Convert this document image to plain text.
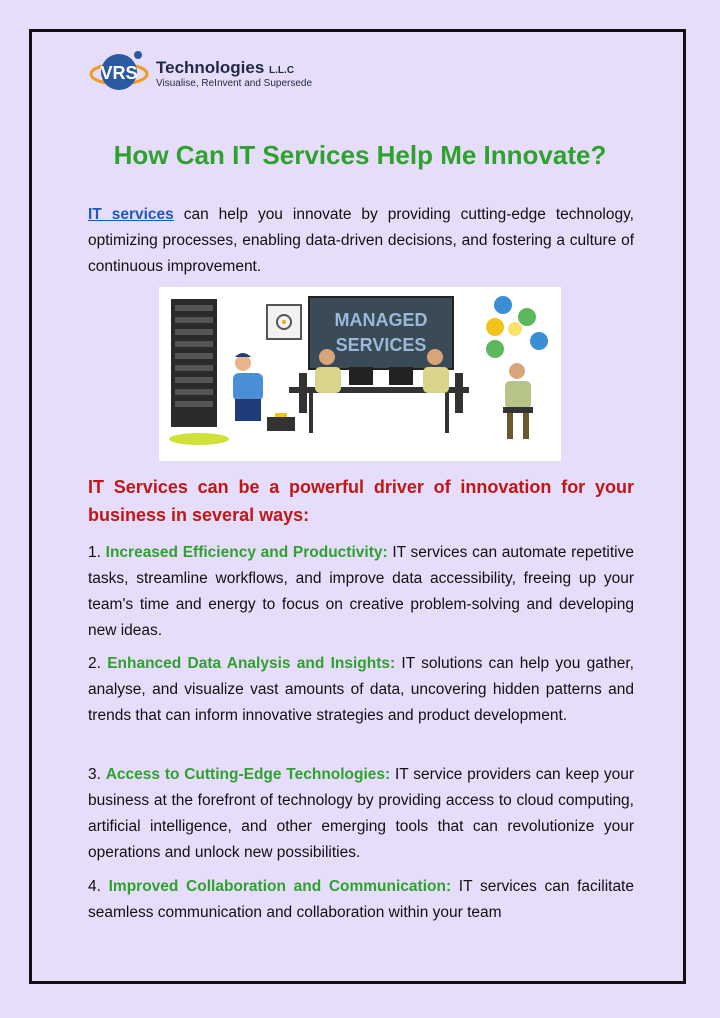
VRS Technologies L.L.C
Visualise, ReInvent and Supersede
How Can IT Services Help Me Innovate?
IT services can help you innovate by providing cutting-edge technology, optimizing processes, enabling data-driven decisions, and fostering a culture of continuous improvement.
MANAGED
SERVICES
IT Services can be a powerful driver of innovation for your business in several ways:
1. Increased Efficiency and Productivity: IT services can automate repetitive tasks, streamline workflows, and improve data accessibility, freeing up your team's time and energy to focus on creative problem-solving and developing new ideas.
2. Enhanced Data Analysis and Insights: IT solutions can help you gather, analyse, and visualize vast amounts of data, uncovering hidden patterns and trends that can inform innovative strategies and product development.
3. Access to Cutting-Edge Technologies: IT service providers can keep your business at the forefront of technology by providing access to cloud computing, artificial intelligence, and other emerging tools that can revolutionize your operations and unlock new possibilities.
4. Improved Collaboration and Communication: IT services can facilitate seamless communication and collaboration within your team
